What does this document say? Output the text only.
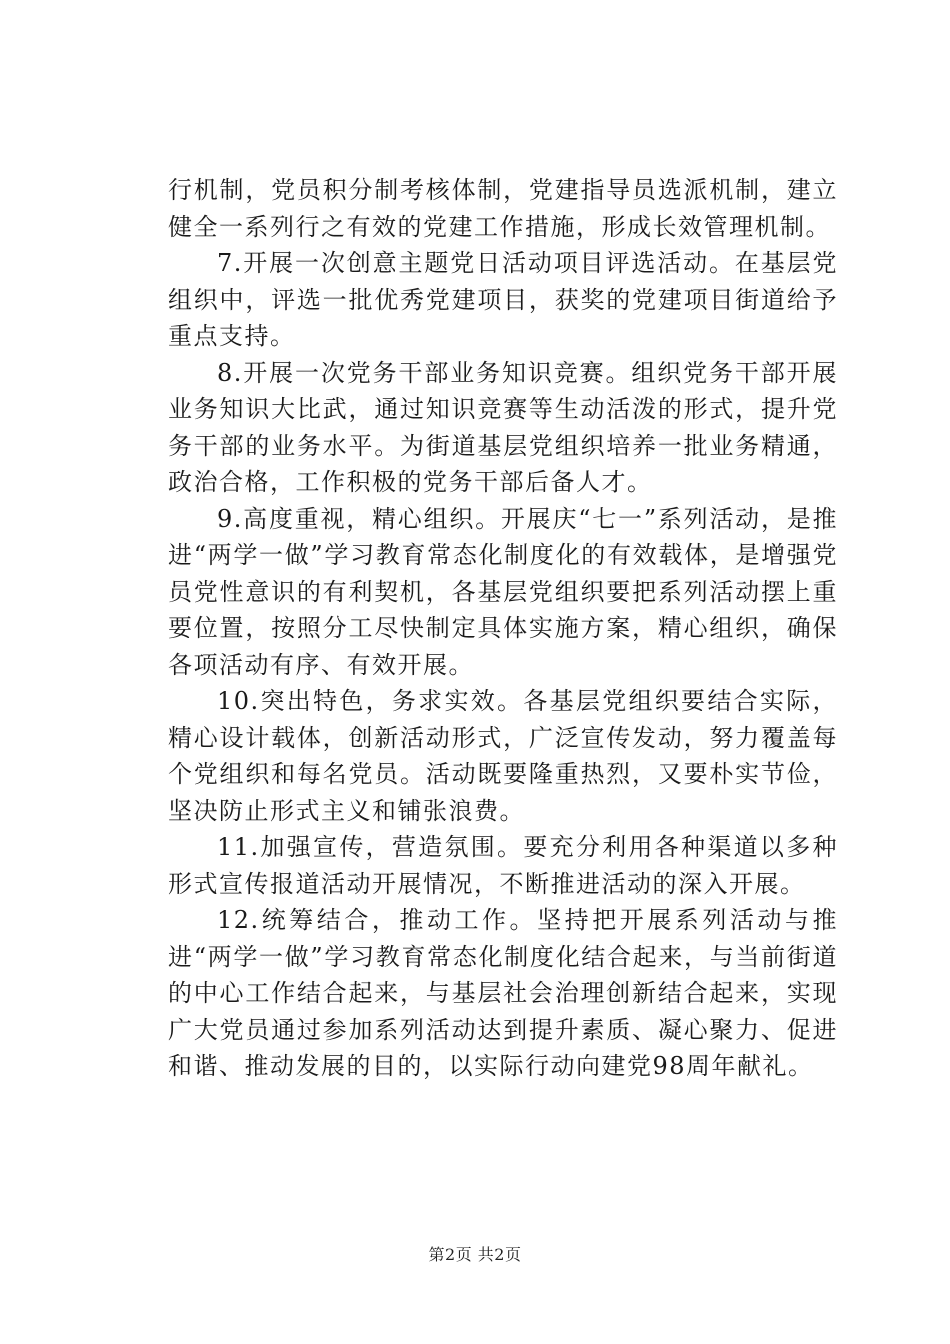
行机制，党员积分制考核体制，党建指导员选派机制，建立健全一系列行之有效的党建工作措施，形成长效管理机制。

7.开展一次创意主题党日活动项目评选活动。在基层党组织中，评选一批优秀党建项目，获奖的党建项目街道给予重点支持。

8.开展一次党务干部业务知识竞赛。组织党务干部开展业务知识大比武，通过知识竞赛等生动活泼的形式，提升党务干部的业务水平。为街道基层党组织培养一批业务精通，政治合格，工作积极的党务干部后备人才。

9.高度重视，精心组织。开展庆“七一”系列活动，是推进“两学一做”学习教育常态化制度化的有效载体，是增强党员党性意识的有利契机，各基层党组织要把系列活动摆上重要位置，按照分工尽快制定具体实施方案，精心组织，确保各项活动有序、有效开展。

10.突出特色，务求实效。各基层党组织要结合实际，精心设计载体，创新活动形式，广泛宣传发动，努力覆盖每个党组织和每名党员。活动既要隆重热烈，又要朴实节俭，坚决防止形式主义和铺张浪费。

11.加强宣传，营造氛围。要充分利用各种渠道以多种形式宣传报道活动开展情况，不断推进活动的深入开展。

12.统筹结合，推动工作。坚持把开展系列活动与推进“两学一做”学习教育常态化制度化结合起来，与当前街道的中心工作结合起来，与基层社会治理创新结合起来，实现广大党员通过参加系列活动达到提升素质、凝心聚力、促进和谐、推动发展的目的，以实际行动向建党98周年献礼。

第2页 共2页
